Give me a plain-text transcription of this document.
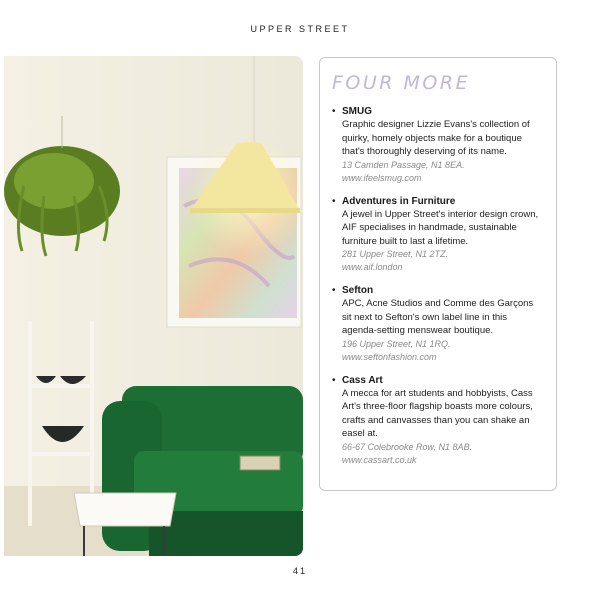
UPPER STREET
FOUR MORE
• SMUG
Graphic designer Lizzie Evans's collection of quirky, homely objects make for a boutique that's thoroughly deserving of its name.
13 Camden Passage, N1 8EA.
www.ifeelsmug.com
• Adventures in Furniture
A jewel in Upper Street's interior design crown, AIF specialises in handmade, sustainable furniture built to last a lifetime.
281 Upper Street, N1 2TZ.
www.aif.london
• Sefton
APC, Acne Studios and Comme des Garçons sit next to Sefton's own label line in this agenda-setting menswear boutique.
196 Upper Street, N1 1RQ.
www.seftonfashion.com
• Cass Art
A mecca for art students and hobbyists, Cass Art's three-floor flagship boasts more colours, crafts and canvasses than you can shake an easel at.
66-67 Colebrooke Row, N1 8AB.
www.cassart.co.uk
41
